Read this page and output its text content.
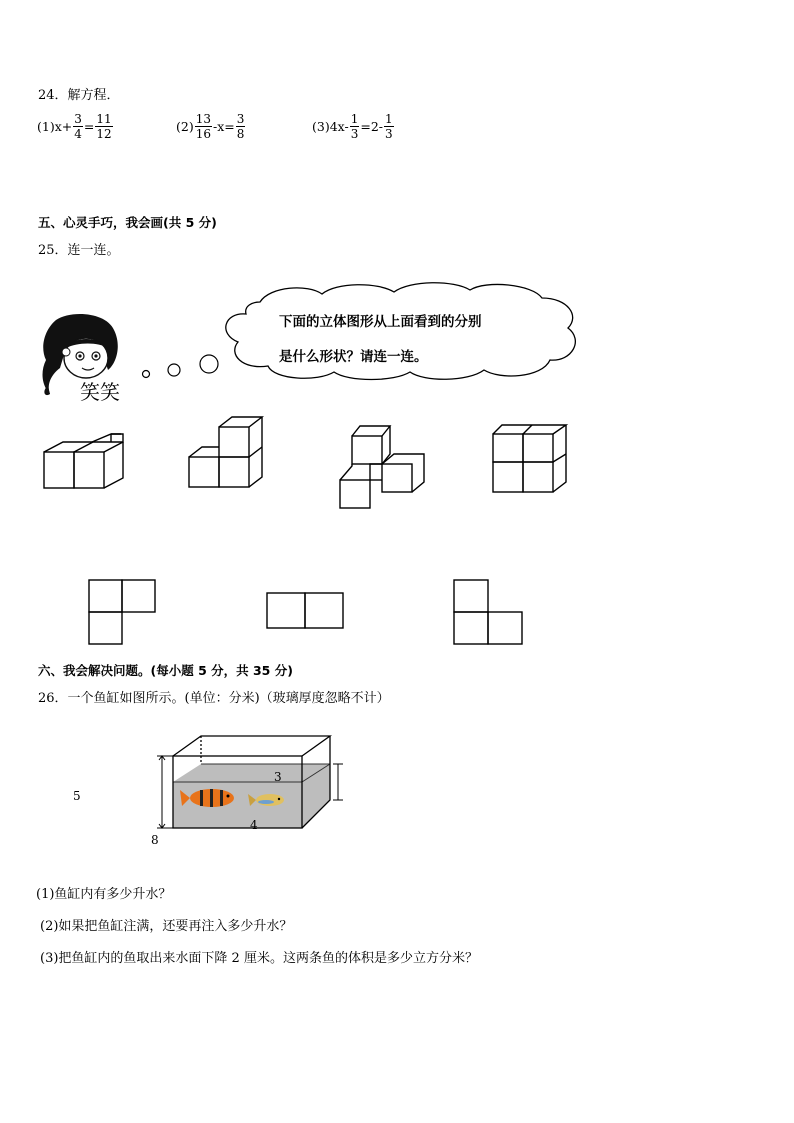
24．解方程．
$(1)x+ \frac{3}{4} = \frac{11}{12}$	$(2) \frac{13}{16} -x= \frac{3}{8}$	$(3)4x- \frac{1}{3} =2- \frac{1}{3}$
五、心灵手巧，我会画(共 5 分)
25．连一连。
笑笑
下面的立体图形从上面看到的分别
是什么形状？请连一连。
六、我会解决问题。(每小题 5 分，共 35 分)
26．一个鱼缸如图所示。(单位：分米)（玻璃厚度忽略不计）
5
3
4
8
(1)鱼缸内有多少升水？
(2)如果把鱼缸注满，还要再注入多少升水？
(3)把鱼缸内的鱼取出来水面下降 2 厘米。这两条鱼的体积是多少立方分米？
